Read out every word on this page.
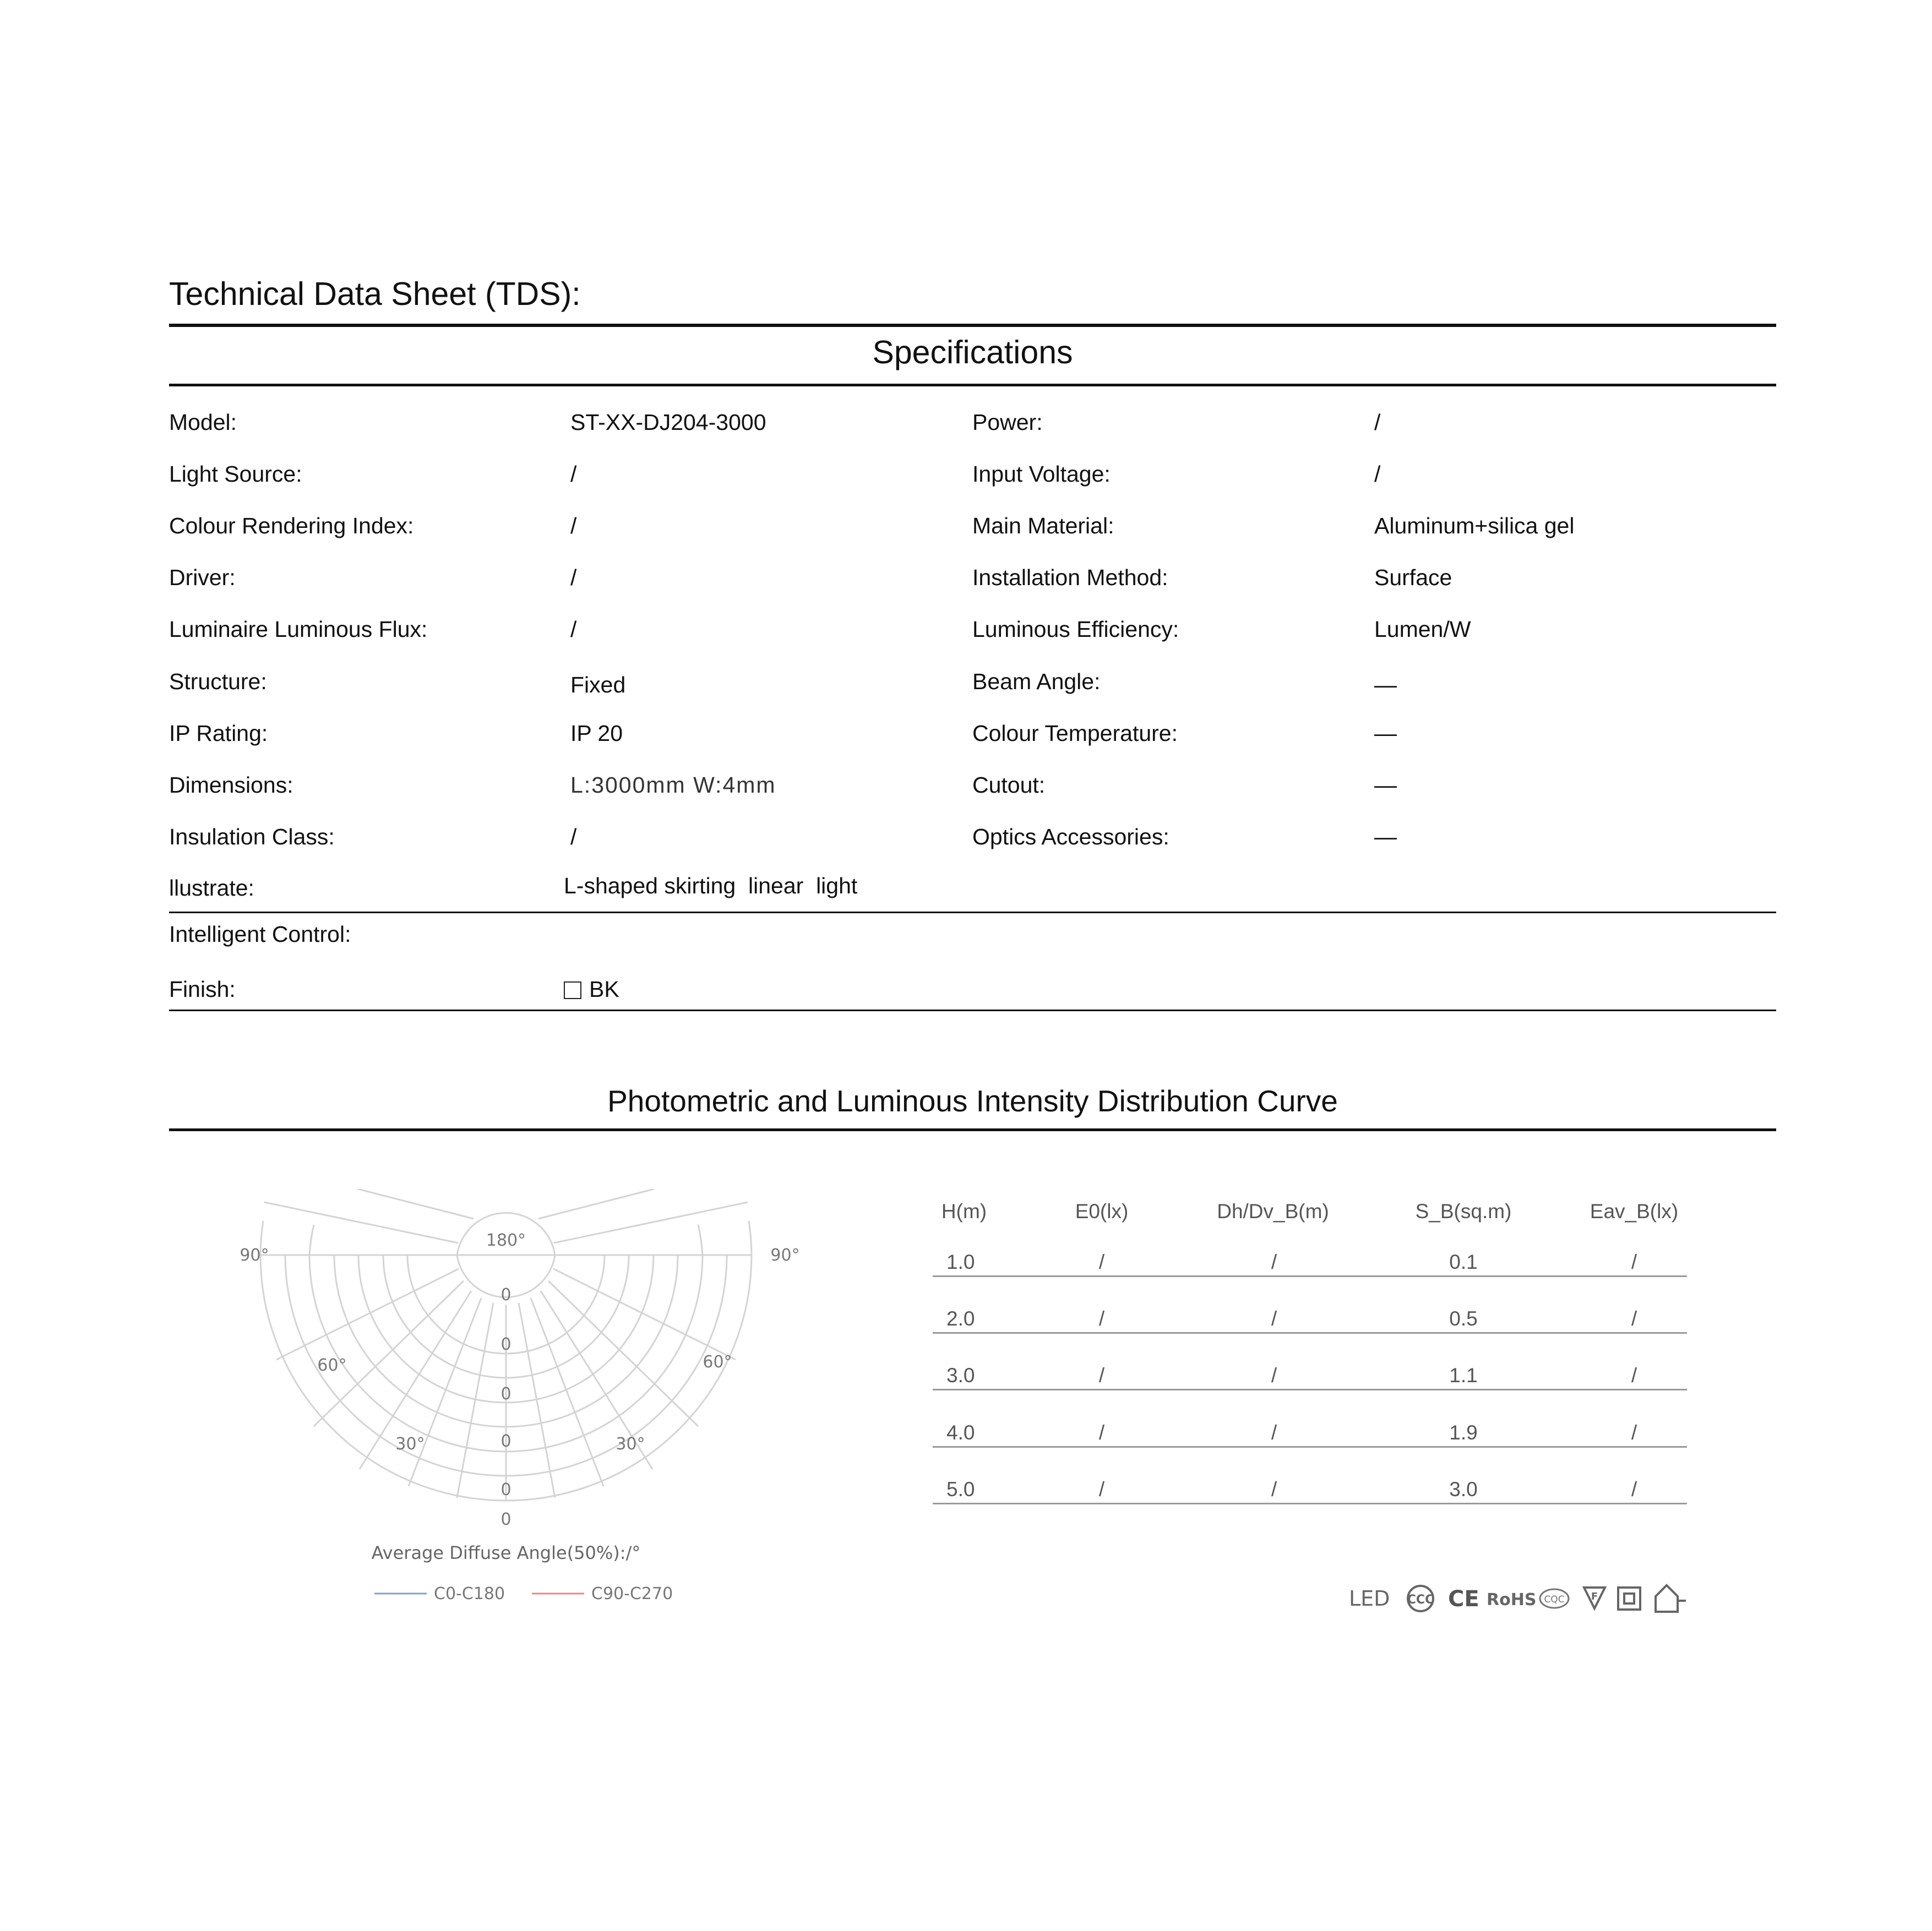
Technical Data Sheet (TDS):
Specifications
Model:	ST-XX-DJ204-3000	Power:	/
Light Source:	/	Input Voltage:	/
Colour Rendering Index:	/	Main Material:	Aluminum+silica gel
Driver:	/	Installation Method:	Surface
Luminaire Luminous Flux:	/	Luminous Efficiency:	Lumen/W
Structure:	Fixed	Beam Angle:	—
IP Rating:	IP 20	Colour Temperature:	—
Dimensions:	L:3000mm W:4mm	Cutout:	—
Insulation Class:	/	Optics Accessories:	—
llustrate:	L-shaped skirting  linear  light
Intelligent Control:
Finish:	BK
Photometric and Luminous Intensity Distribution Curve
180°
90°	90°
60°	60°
30°	30°
0
0
0
0
0
0
Average Diffuse Angle(50%):/°
C0-C180	C90-C270
H(m)	E0(lx)	Dh/Dv_B(m)	S_B(sq.m)	Eav_B(lx)
1.0	/	/	0.1	/
2.0	/	/	0.5	/
3.0	/	/	1.1	/
4.0	/	/	1.9	/
5.0	/	/	3.0	/
LED CCC CE RoHS CQC	F
